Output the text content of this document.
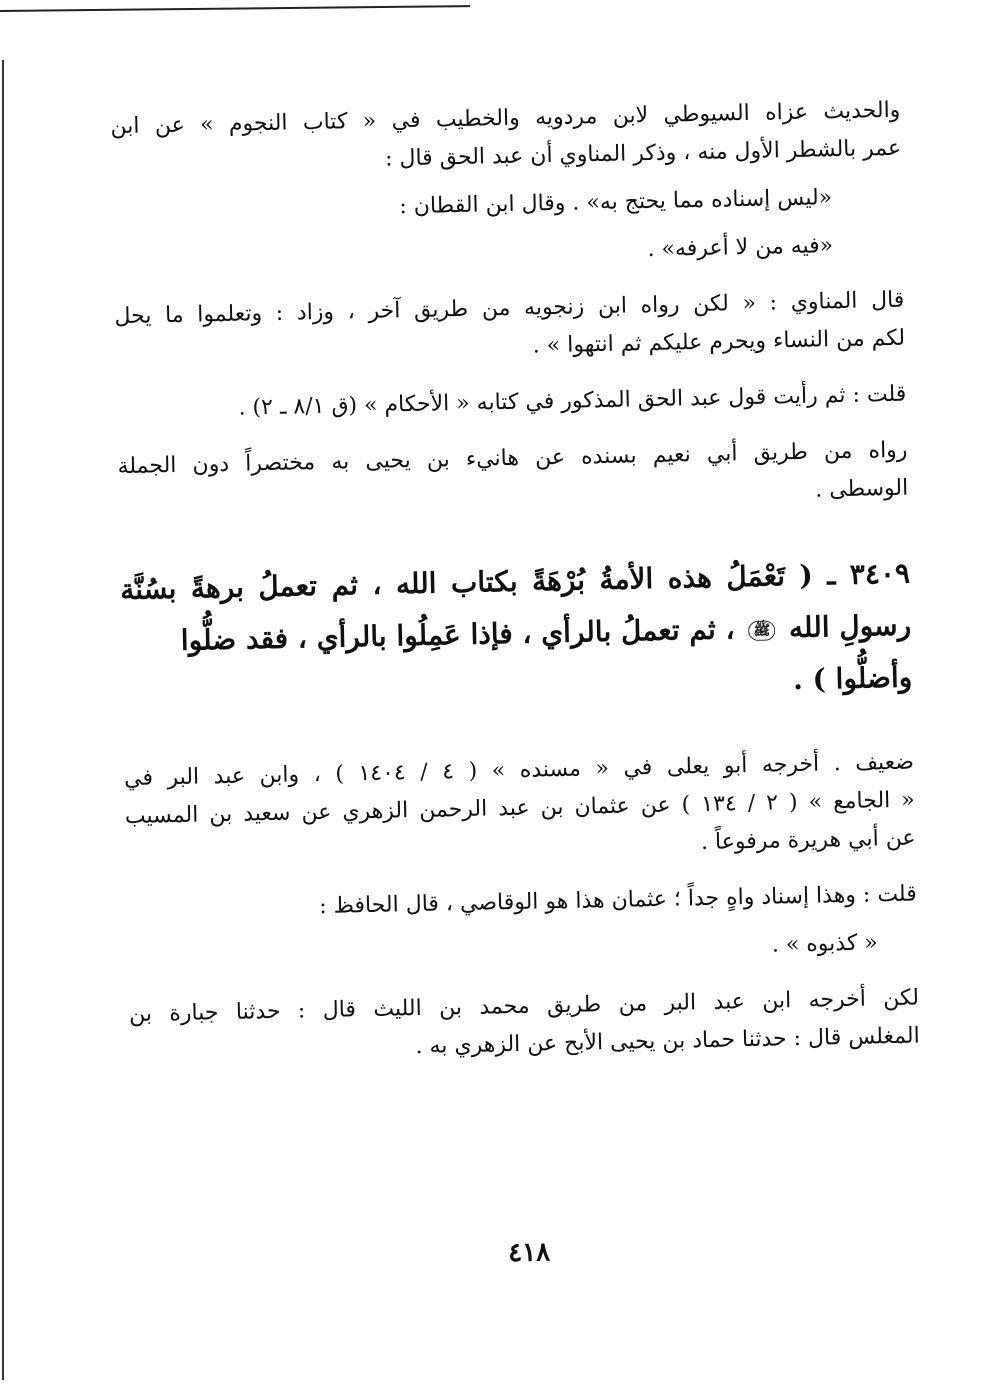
والحديث عزاه السيوطي لابن مردويه والخطيب في « كتاب النجوم » عن ابن
عمر بالشطر الأول منه ، وذكر المناوي أن عبد الحق قال :
«ليس إسناده مما يحتج به» . وقال ابن القطان :
«فيه من لا أعرفه» .
قال المناوي : « لكن رواه ابن زنجويه من طريق آخر ، وزاد : وتعلموا ما يحل
لكم من النساء ويحرم عليكم ثم انتهوا » .
قلت : ثم رأيت قول عبد الحق المذكور في كتابه « الأحكام » (ق ٨/١ ـ ٢) .
رواه من طريق أبي نعيم بسنده عن هانيء بن يحيى به مختصراً دون الجملة
الوسطى .
٣٤٠٩ ـ ( تَعْمَلُ هذه الأمةُ بُرْهَةً بكتاب الله ، ثم تعملُ برهةً بسُنَّة
رسولِ الله ﷺ ، ثم تعملُ بالرأي ، فإذا عَمِلُوا بالرأي ، فقد ضلُّوا
وأضلُّوا ) .
ضعيف . أخرجه أبو يعلى في « مسنده » ( ٤ / ١٤٠٤ ) ، وابن عبد البر في
« الجامع » ( ٢ / ١٣٤ ) عن عثمان بن عبد الرحمن الزهري عن سعيد بن المسيب
عن أبي هريرة مرفوعاً .
قلت : وهذا إسناد واهٍ جداً ؛ عثمان هذا هو الوقاصي ، قال الحافظ :
« كذبوه » .
لكن أخرجه ابن عبد البر من طريق محمد بن الليث قال : حدثنا جبارة بن
المغلس قال : حدثنا حماد بن يحيى الأبح عن الزهري به .
٤١٨
